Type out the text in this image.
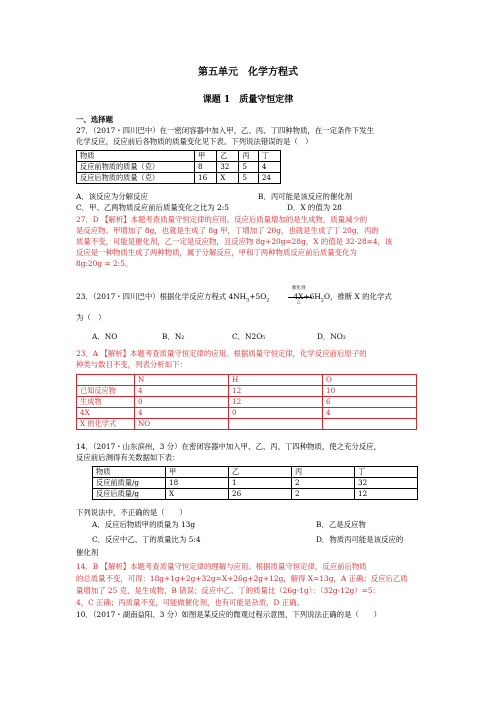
第五单元　化学方程式
课题 1　质量守恒定律
一、选择题
27．（2017・四川巴中）在一密闭容器中加入甲、乙、丙、丁四种物质，在一定条件下发生
化学反应，反应前后各物质的质量变化见下表。下列说法错误的是（　）
物质	甲	乙	丙	丁
反应前物质的质量（克）	8	32	5	4
反应后物质的质量（克）	16	X	5	24
A．该反应为分解反应	B．丙可能是该反应的催化剂
C．甲、乙两物质反应前后质量变化之比为 2:5	D．X 的值为 28
27．D 【解析】本题考查质量守恒定律的应用。反应后质量增加的是生成物，质量减少的
是反应物。甲增加了 8g，也就是生成了 8g 甲，丁增加了 20g，也就是生成了丁 20g，丙的
质量不变，可能是催化剂，乙一定是反应物，且反应物 8g+20g=28g，X 的值是 32-28=4，该
反应是一种物质生成了两种物质，属于分解反应，甲和丁两种物质反应前后质量变化为
8g:20g = 2:5。
23．（2017・四川巴中）根据化学反应方程式 $4NH_3+5O_2$	$4X+6H_2O$，推断 X 的化学式
催化剂
△
为（　）
A．NO	B．N₂	C．N2O₅	D．NO₂
23．A 【解析】本题考查质量守恒定律的应用。根据质量守恒定律，化学反应前后原子的
种类与数目不变，列表分析如下：
	N	H	O
已知反应物	4	12	10
生成物	0	12	6
4X	4	0	4
X 的化学式	NO		
14．（2017・山东滨州，3 分）在密闭容器中加入甲、乙、丙、丁四种物质，使之充分反应，
反应前后测得有关数据如下表：
物质	甲	乙	丙	丁
反应前质量/g	18	1	2	32
反应后质量/g	X	26	2	12
下列说法中，不正确的是（　　）
A．反应后物质甲的质量为 13g	B．乙是反应物
C．反应中乙、丁的质量比为 5:4	D．物质丙可能是该反应的
催化剂
14．B 【解析】本题考查质量守恒定律的理解与应用。根据质量守恒定律，反应前后物质
的总质量不变，可得：18g+1g+2g+32g=X+26g+2g+12g，解得 X=13g，A 正确；反应后乙质
量增加了 25 克，是生成物，B 错误；反应中乙、丁的质量比（26g-1g）：（32g-12g）=5：
4，C 正确；丙质量不变，可能做催化剂，也有可能是杂质，D 正确。
10．（2017・湖南益阳、3 分）如图是某反应的微观过程示意图，下列说法正确的是（　　）
